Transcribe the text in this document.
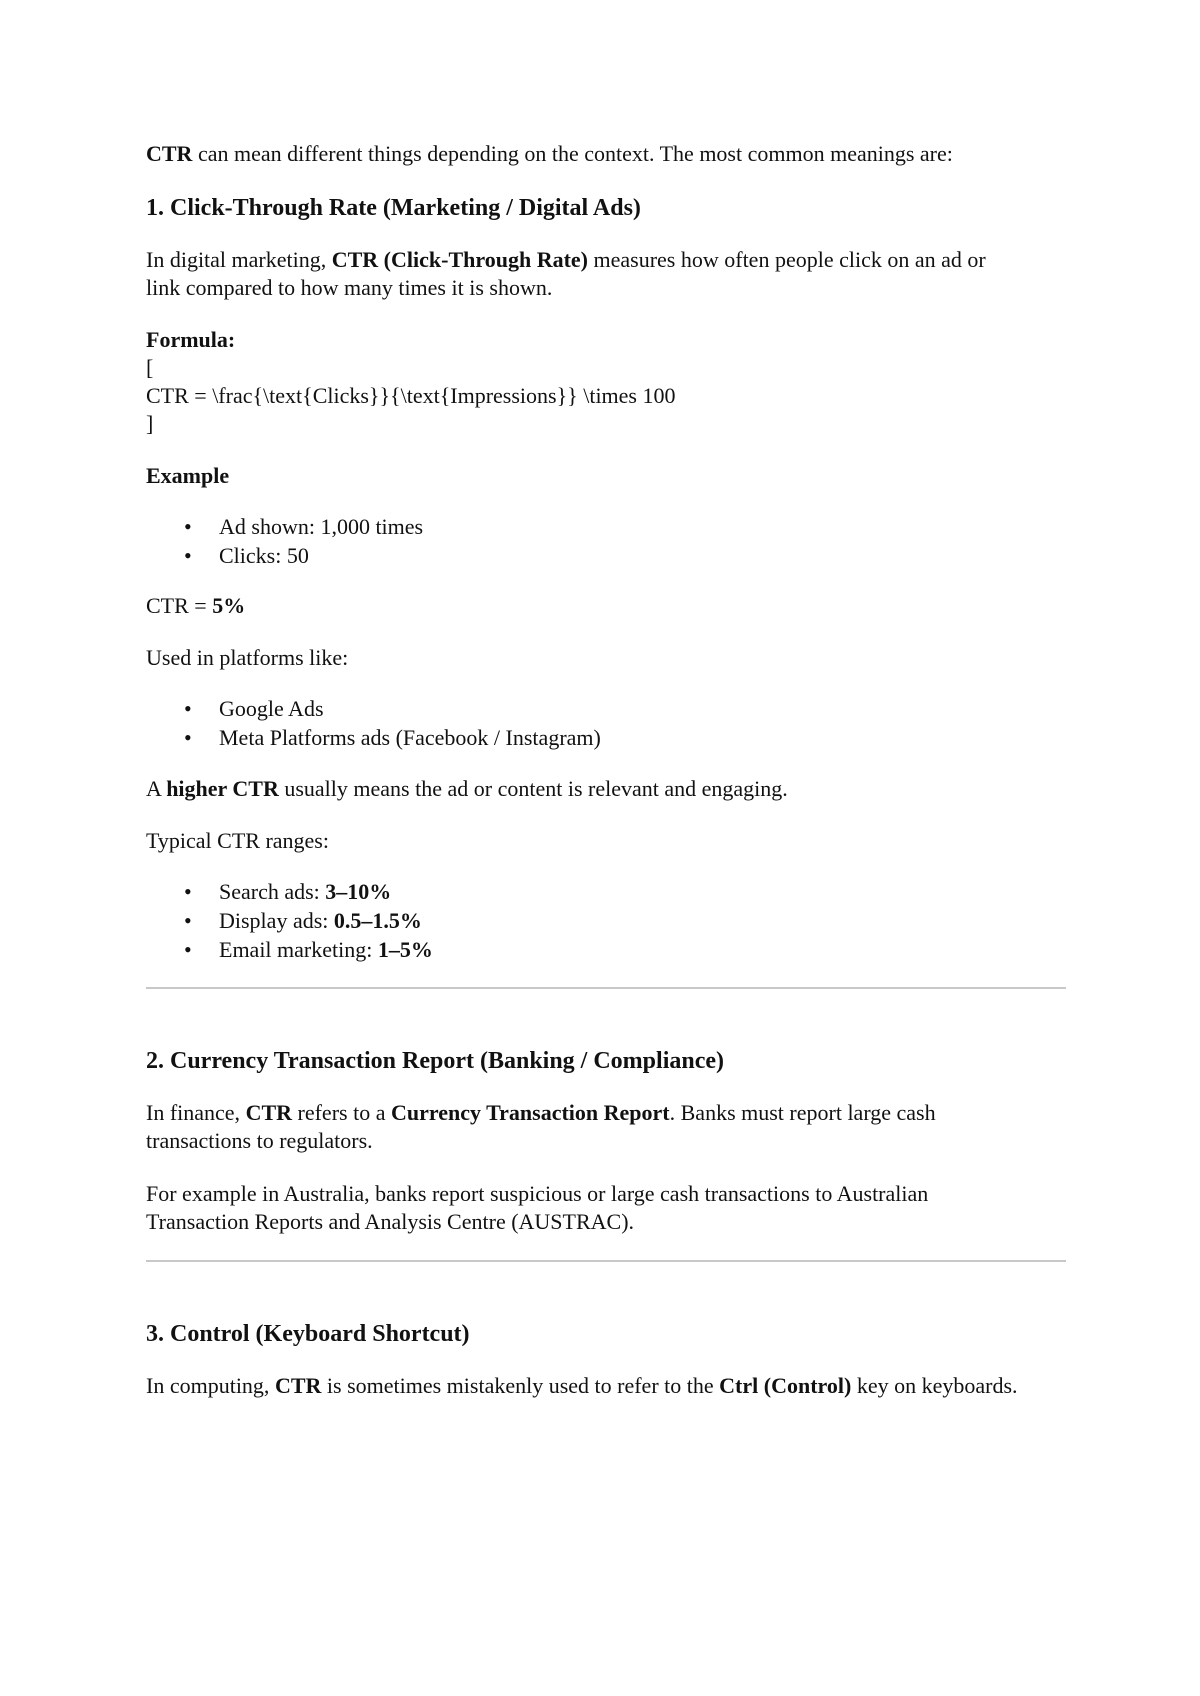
CTR can mean different things depending on the context. The most common meanings are:

1. Click-Through Rate (Marketing / Digital Ads)

In digital marketing, CTR (Click-Through Rate) measures how often people click on an ad or link compared to how many times it is shown.

Formula:

[

CTR = \frac{\text{Clicks}}{\text{Impressions}} \times 100

]

Example

• Ad shown: 1,000 times
• Clicks: 50

CTR = 5%

Used in platforms like:

• Google Ads
• Meta Platforms ads (Facebook / Instagram)

A higher CTR usually means the ad or content is relevant and engaging.

Typical CTR ranges:

• Search ads: 3–10%
• Display ads: 0.5–1.5%
• Email marketing: 1–5%
2. Currency Transaction Report (Banking / Compliance)

In finance, CTR refers to a Currency Transaction Report. Banks must report large cash transactions to regulators.

For example in Australia, banks report suspicious or large cash transactions to Australian Transaction Reports and Analysis Centre (AUSTRAC).

3. Control (Keyboard Shortcut)

In computing, CTR is sometimes mistakenly used to refer to the Ctrl (Control) key on keyboards.
